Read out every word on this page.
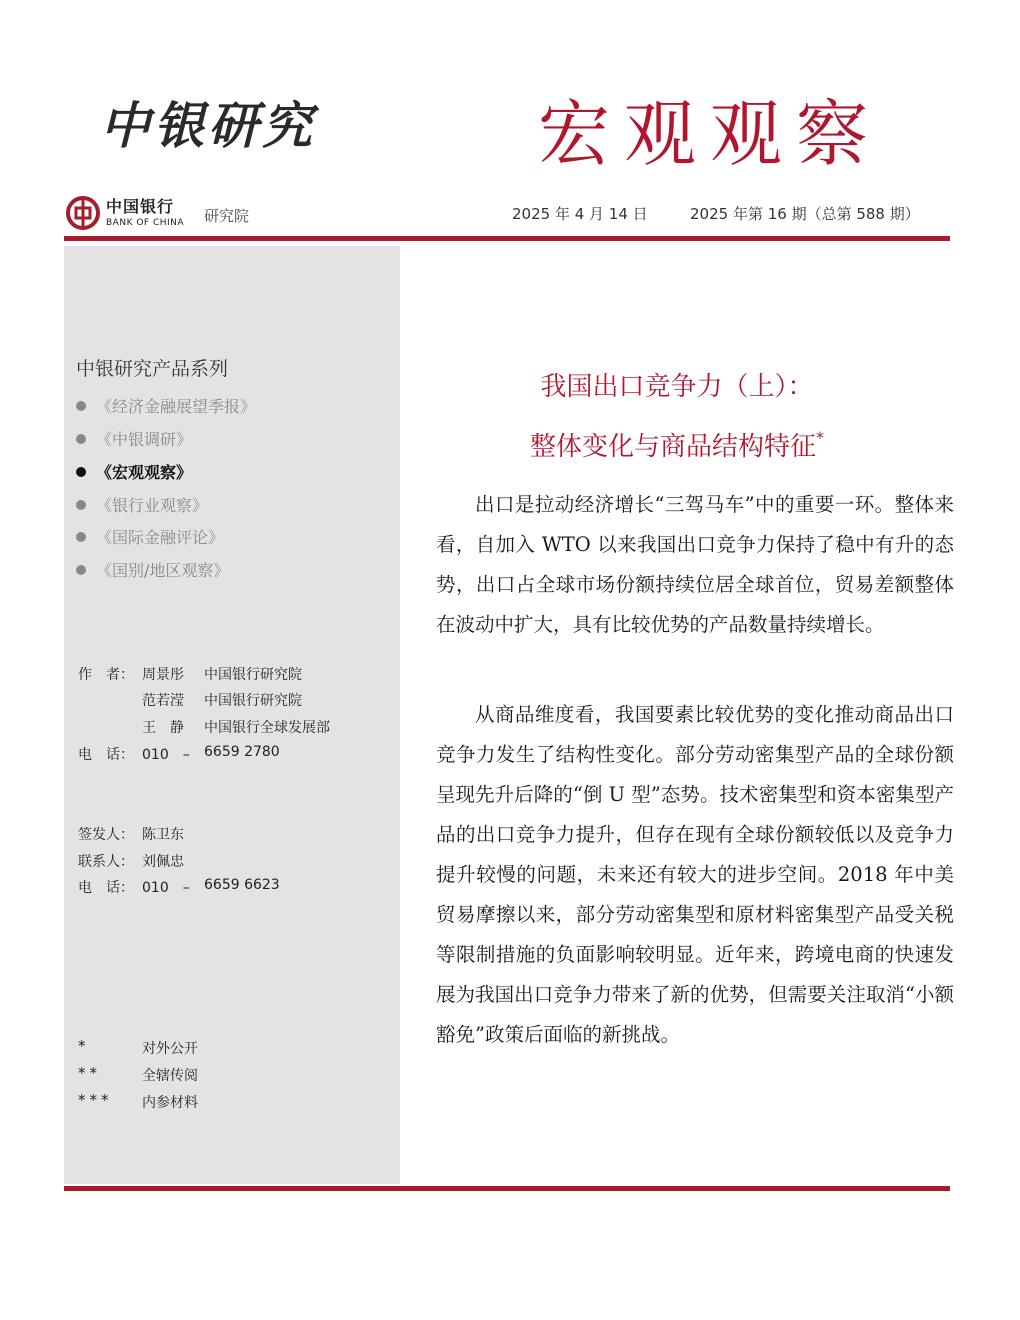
中银研究	宏观观察
中国银行
BANK OF CHINA 研究院	2025 年 4 月 14 日	2025 年第 16 期（总第 588 期）
中银研究产品系列
《经济金融展望季报》
《中银调研》
《宏观观察》
《银行业观察》
《国际金融评论》
《国别/地区观察》
作　者： 周景彤 中国银行研究院
范若滢 中国银行研究院
王　静 中国银行全球发展部
电　话： 010　– 6659 2780
签发人： 陈卫东
联系人： 刘佩忠
电　话： 010　– 6659 6623
*	对外公开
**	全辖传阅
*** 内参材料
我国出口竞争力（上）：
整体变化与商品结构特征*

出口是拉动经济增长“三驾马车”中的重要一环。整体来看，自加入 WTO 以来我国出口竞争力保持了稳中有升的态势，出口占全球市场份额持续位居全球首位，贸易差额整体在波动中扩大，具有比较优势的产品数量持续增长。

从商品维度看，我国要素比较优势的变化推动商品出口竞争力发生了结构性变化。部分劳动密集型产品的全球份额呈现先升后降的“倒 U 型”态势。技术密集型和资本密集型产品的出口竞争力提升，但存在现有全球份额较低以及竞争力提升较慢的问题，未来还有较大的进步空间。2018 年中美贸易摩擦以来，部分劳动密集型和原材料密集型产品受关税等限制措施的负面影响较明显。近年来，跨境电商的快速发展为我国出口竞争力带来了新的优势，但需要关注取消“小额豁免”政策后面临的新挑战。
